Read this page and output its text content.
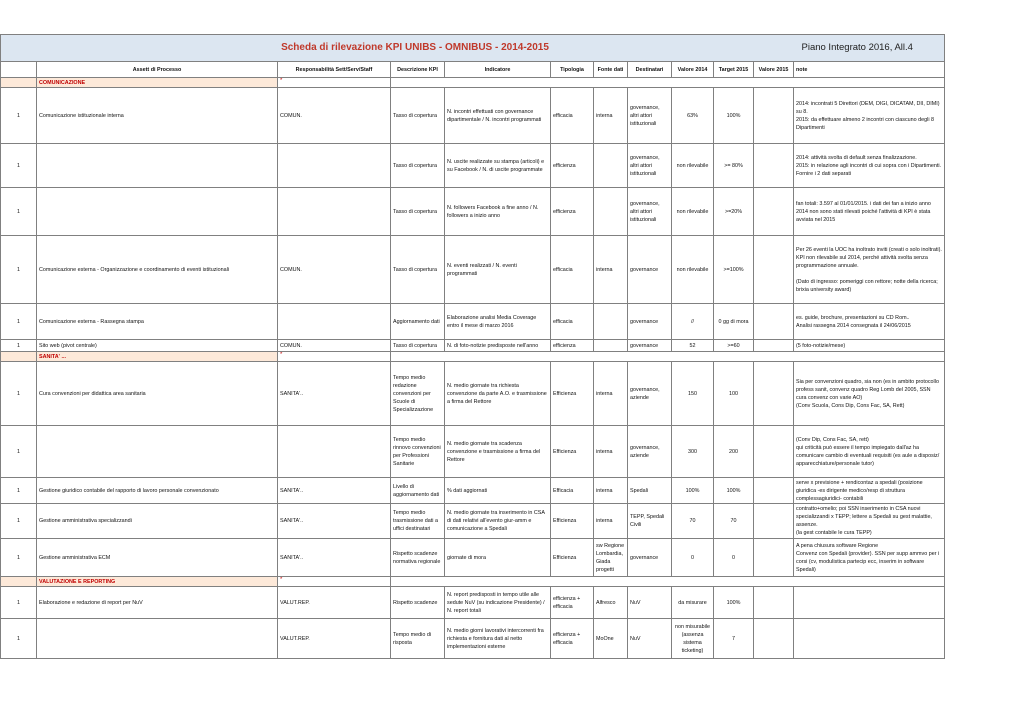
	Scheda di rilevazione KPI UNIBS - OMNIBUS - 2014-2015										Piano Integrato 2016, All.4
	Assett di Processo	Responsabilità Sett/Serv/Staff	Descrizione KPI	Indicatore	Tipologia	Fonte dati	Destinatari	Valore 2014	Target 2015	Valore 2015	note
	COMUNICAZIONE	*									
1	Comunicazione istituzionale interna	COMUN.	Tasso di copertura	N. incontri effettuati con governance dipartimentale / N. incontri programmati	efficacia	interna	governance, altri attori istituzionali	63%	100%		2014: incontrati 5 Direttori (DEM, DIGI, DICATAM, DII, DIMI) su 8.
2015: da effettuare almeno 2 incontri con ciascuno degli 8 Dipartimenti
1			Tasso di copertura	N. uscite realizzate su stampa (articoli) e su Facebook / N. di uscite programmate	efficienza		governance, altri attori istituzionali	non rilevabile	>= 80%		2014: attività svolta di default senza finalizzazione.
2015: in relazione agli incontri di cui sopra con i Dipartimenti.
Fornire i 2 dati separati
1			Tasso di copertura	N. followers Facebook a fine anno / N. followers a inizio anno	efficienza		governance, altri attori istituzionali	non rilevabile	>=20%		fan totali: 3.597 al 01/01/2015. i dati dei fan a inizio anno 2014 non sono stati rilevati poiché l'attività di KPI è stata avviata nel 2015
1	Comunicazione esterna - Organizzazione e coordinamento di eventi istituzionali	COMUN.	Tasso di copertura	N. eventi realizzati / N. eventi programmati	efficacia	interna	governance	non rilevabile	>=100%		Per 26 eventi la UOC ha inoltrato inviti (creati o solo inoltrati).
KPI non rilevabile sul 2014, perché attività svolta senza programmazione annuale.

(Dato di ingresso: pomeriggi con rettore; notte della ricerca; brixia university award)
1	Comunicazione esterna - Rassegna stampa		Aggiornamento dati	Elaborazione analisi Media Coverage entro il mese di marzo 2016	efficacia		governance	//	0 gg di mora		es. guide, brochure, presentazioni su CD Rom..
Analisi rassegna 2014 consegnata il 24/06/2015
1	Sito web (pivot centrale)	COMUN.	Tasso di copertura	N. di foto-notizie predisposte nell'anno	efficienza		governance	52	>=60		(5 foto-notizie/mese)
	SANITA' ...	*									
1	Cura convenzioni per didattica area sanitaria	SANITA'..	Tempo medio redazione convenzioni per Scuole di Specializzazione	N. medio giornate tra richiesta convenzione da parte A.O. e trasmissione a firma del Rettore	Efficienza	interna	governance, aziende	150	100		Sia per convenzioni quadro, sia non (es in ambito protocollo profess sanit, convenz quadro Reg Lomb del 2005, SSN cura convenz con varie AO)
(Conv Scuola, Cons Dip, Cons Fac, SA, Rett)
1			Tempo medio rinnovo convenzioni per Professioni Sanitarie	N. medio giornate tra scadenza convenzione e trasmissione a firma del Rettore	Efficienza	interna	governance, aziende	300	200		(Conv Dip, Cons Fac, SA, rett)
qui criticità può essere il tempo impiegato dall'az ha comunicare cambio di eventuali requisiti (es aule a disposiz/ apparecchiature/personale tutor)
1	Gestione giuridico contabile del rapporto di lavoro personale convenzionato	SANITA'..	Livello di aggiornamento dati	% dati aggiornati	Efficacia	interna	Spedali	100%	100%		serve x previsione + rendicontaz a spedali (posizione giuridica -es dirigente medico/resp di struttura complessagiuridici- contabili
1	Gestione amministrativa specializzandi	SANITA'..	Tempo medio trasmissione dati a uffici destinatari	N. medio giornate tra inserimento in CSA di dati relativi all'evento giur-amm e comunicazione a Spedali	Efficienza	interna	TEPP, Spedali Civili	70	70		contratto+omelio; poi SSN inserimento in CSA nuovi specializzandi x TEPP; lettere a Spedali su gest malattie, assenze.
(la gest contabile le cura TEPP)
1	Gestione amministrativa ECM	SANITA'..	Rispetto scadenze normativa regionale	giornate di mora	Efficienza	sw Regione Lombardia, Giada progetti	governance	0	0		A pena chiusura software Regione
Convenz con Spedali (provider). SSN per supp ammvo per i corsi (cv, modulistica partecip ecc, inserim in software Spedali)
	VALUTAZIONE E REPORTING	*									
1	Elaborazione e redazione di report per NuV	VALUT.REP.	Rispetto scadenze	N. report predisposti in tempo utile alle sedute NuV (su indicazione Presidente) / N. report totali	efficienza + efficacia	Alfresco	NuV	da misurare	100%		
1		VALUT.REP.	Tempo medio di risposta	N. medio giorni lavorativi intercorrenti fra richiesta e fornitura dati al netto implementazioni esterne	efficienza + efficacia	MoOne	NuV	non misurabile (assenza sistema ticketing)	7		
